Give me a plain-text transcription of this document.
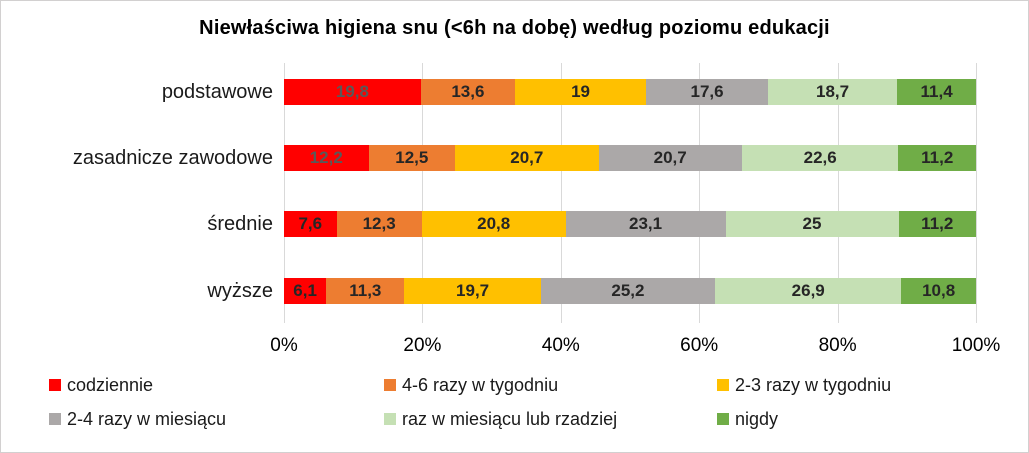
Niewłaściwa higiena snu (<6h na dobę) według poziomu edukacji
19,8	13,6	19	17,6	18,7	11,4
12,2	12,5	20,7	20,7	22,6	11,2
7,6 12,3	20,8	23,1	25	11,2
6,1 11,3	19,7	25,2	26,9	10,8
podstawowe
zasadnicze zawodowe
średnie
wyższe
0%	20%	40%	60%	80%	100%
codziennie	4-6 razy w tygodniu	2-3 razy w tygodniu
2-4 razy w miesiącu	raz w miesiącu lub rzadziej	nigdy
